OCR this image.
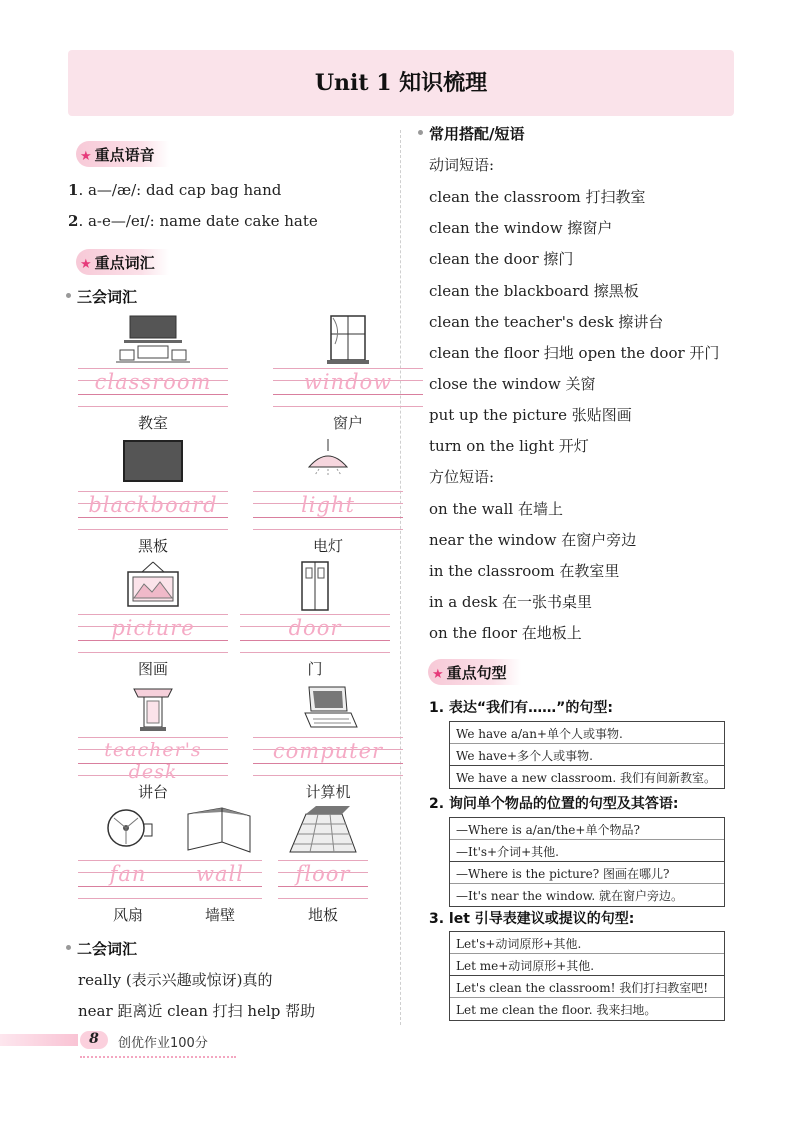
Unit 1 知识梳理
★ 重点语音
1. a—/æ/: dad cap bag hand
2. a-e—/eɪ/: name date cake hate
★ 重点词汇
三会词汇
classroom
教室
window
窗户
blackboard
黑板
light
电灯
picture
图画
door
门
teacher's desk
讲台
computer
计算机
fan
风扇
wall
墙壁
floor
地板
二会词汇
really (表示兴趣或惊讶)真的
near 距离近 clean 打扫 help 帮助
常用搭配/短语
动词短语:
clean the classroom 打扫教室
clean the window 擦窗户
clean the door 擦门
clean the blackboard 擦黑板
clean the teacher's desk 擦讲台
clean the floor 扫地 open the door 开门
close the window 关窗
put up the picture 张贴图画
turn on the light 开灯
方位短语:
on the wall 在墙上
near the window 在窗户旁边
in the classroom 在教室里
in a desk 在一张书桌里
on the floor 在地板上
★ 重点句型
1. 表达“我们有……”的句型:
We have a/an+单个人或事物.
We have+多个人或事物.
We have a new classroom. 我们有间新教室。
2. 询问单个物品的位置的句型及其答语:
—Where is a/an/the+单个物品?
—It's+介词+其他.
—Where is the picture? 图画在哪儿?
—It's near the window. 就在窗户旁边。
3. let 引导表建议或提议的句型:
Let's+动词原形+其他.
Let me+动词原形+其他.
Let's clean the classroom! 我们打扫教室吧!
Let me clean the floor. 我来扫地。
8	创优作业100分
